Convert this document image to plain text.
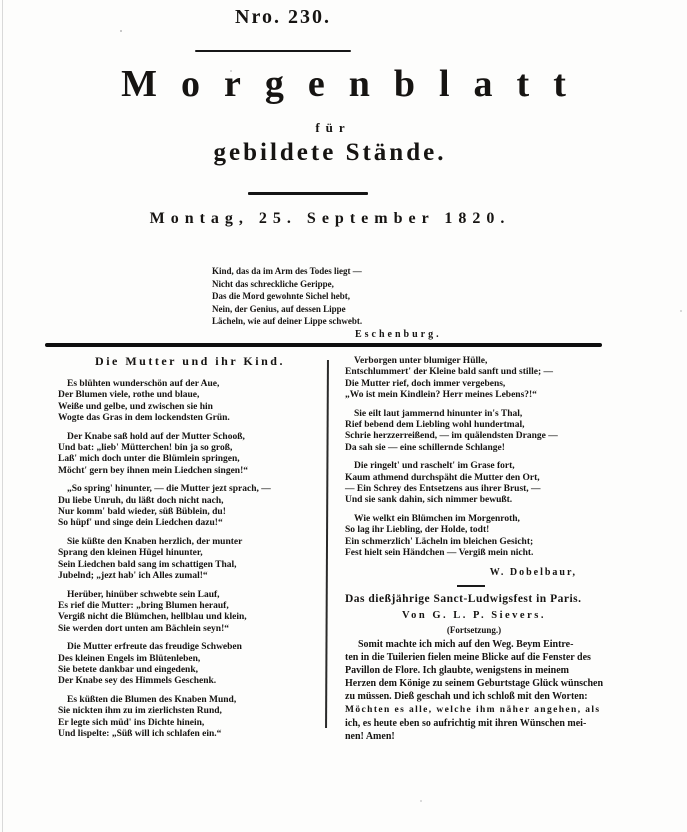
Nro. 230.
Morgenblatt
für
gebildete Stände.
Montag, 25. September 1820.
Kind, das da im Arm des Todes liegt —
Nicht das schreckliche Gerippe,
Das die Mord gewohnte Sichel hebt,
Nein, der Genius, auf dessen Lippe
Lächeln, wie auf deiner Lippe schwebt.
Eschenburg.
Die Mutter und ihr Kind.
Es blühten wunderschön auf der Aue,
Der Blumen viele, rothe und blaue,
Weiße und gelbe, und zwischen sie hin
Wogte das Gras in dem lockendsten Grün.
Der Knabe saß hold auf der Mutter Schooß,
Und bat: „lieb' Mütterchen! bin ja so groß,
Laß' mich doch unter die Blümlein springen,
Möcht' gern bey ihnen mein Liedchen singen!“
„So spring' hinunter, — die Mutter jezt sprach, —
Du liebe Unruh, du läßt doch nicht nach,
Nur komm' bald wieder, süß Büblein, du!
So hüpf' und singe dein Liedchen dazu!“
Sie küßte den Knaben herzlich, der munter
Sprang den kleinen Hügel hinunter,
Sein Liedchen bald sang im schattigen Thal,
Jubelnd; „jezt hab' ich Alles zumal!“
Herüber, hinüber schwebte sein Lauf,
Es rief die Mutter: „bring Blumen herauf,
Vergiß nicht die Blümchen, hellblau und klein,
Sie werden dort unten am Bächlein seyn!“
Die Mutter erfreute das freudige Schweben
Des kleinen Engels im Blütenleben,
Sie betete dankbar und eingedenk,
Der Knabe sey des Himmels Geschenk.
Es küßten die Blumen des Knaben Mund,
Sie nickten ihm zu im zierlichsten Rund,
Er legte sich müd' ins Dichte hinein,
Und lispelte: „Süß will ich schlafen ein.“
Verborgen unter blumiger Hülle,
Entschlummert' der Kleine bald sanft und stille; —
Die Mutter rief, doch immer vergebens,
„Wo ist mein Kindlein? Herr meines Lebens?!“
Sie eilt laut jammernd hinunter in's Thal,
Rief bebend dem Liebling wohl hundertmal,
Schrie herzzerreißend, — im quälendsten Drange —
Da sah sie — eine schillernde Schlange!
Die ringelt' und raschelt' im Grase fort,
Kaum athmend durchspäht die Mutter den Ort,
— Ein Schrey des Entsetzens aus ihrer Brust, —
Und sie sank dahin, sich nimmer bewußt.
Wie welkt ein Blümchen im Morgenroth,
So lag ihr Liebling, der Holde, todt!
Ein schmerzlich' Lächeln im bleichen Gesicht;
Fest hielt sein Händchen — Vergiß mein nicht.
W. Dobelbaur,
Das dießjährige Sanct-Ludwigsfest in Paris.
Von G. L. P. Sievers.
(Fortsetzung.)
Somit machte ich mich auf den Weg. Beym Eintre-
ten in die Tuilerien fielen meine Blicke auf die Fenster des
Pavillon de Flore. Ich glaubte, wenigstens in meinem
Herzen dem Könige zu seinem Geburtstage Glück wünschen
zu müssen. Dieß geschah und ich schloß mit den Worten:
Möchten es alle, welche ihm näher angehen, als
ich, es heute eben so aufrichtig mit ihren Wünschen mei-
nen! Amen!
